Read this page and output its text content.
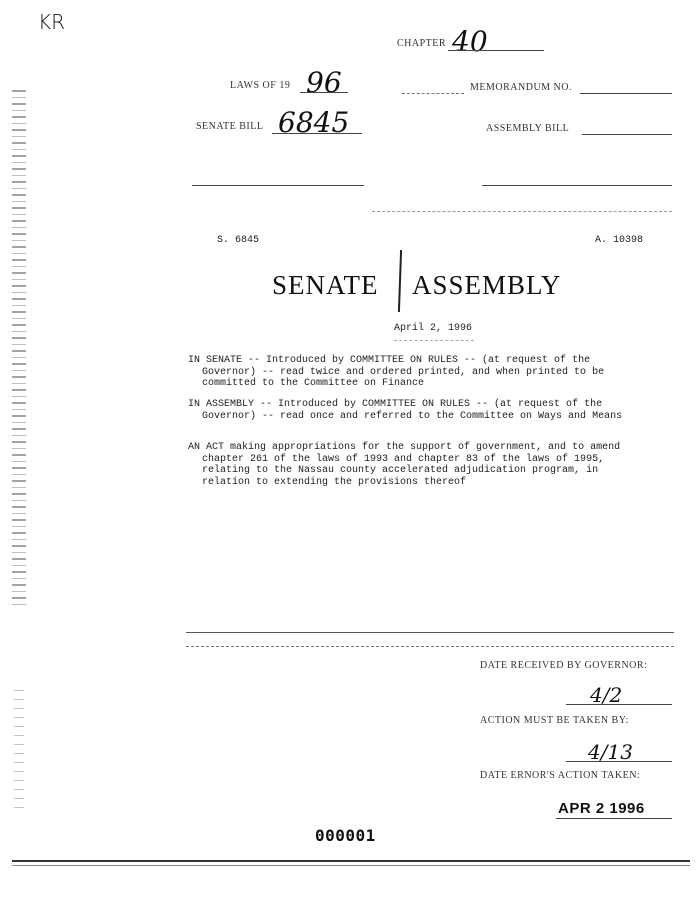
KR
CHAPTER 40
LAWS OF 19 96	MEMORANDUM NO.
SENATE BILL 6845	ASSEMBLY BILL
S. 6845	A. 10398
SENATE ASSEMBLY
April 2, 1996
IN SENATE -- Introduced by COMMITTEE ON RULES -- (at request of the
Governor) -- read twice and ordered printed, and when printed to be
committed to the Committee on Finance
IN ASSEMBLY -- Introduced by COMMITTEE ON RULES -- (at request of the
Governor) -- read once and referred to the Committee on Ways and Means
AN ACT making appropriations for the support of government, and to amend
chapter 261 of the laws of 1993 and chapter 83 of the laws of 1995,
relating to the Nassau county accelerated adjudication program, in
relation to extending the provisions thereof
DATE RECEIVED BY GOVERNOR:
4/2
ACTION MUST BE TAKEN BY:
4/13
DATE ERNOR'S ACTION TAKEN:
APR 2 1996
000001
